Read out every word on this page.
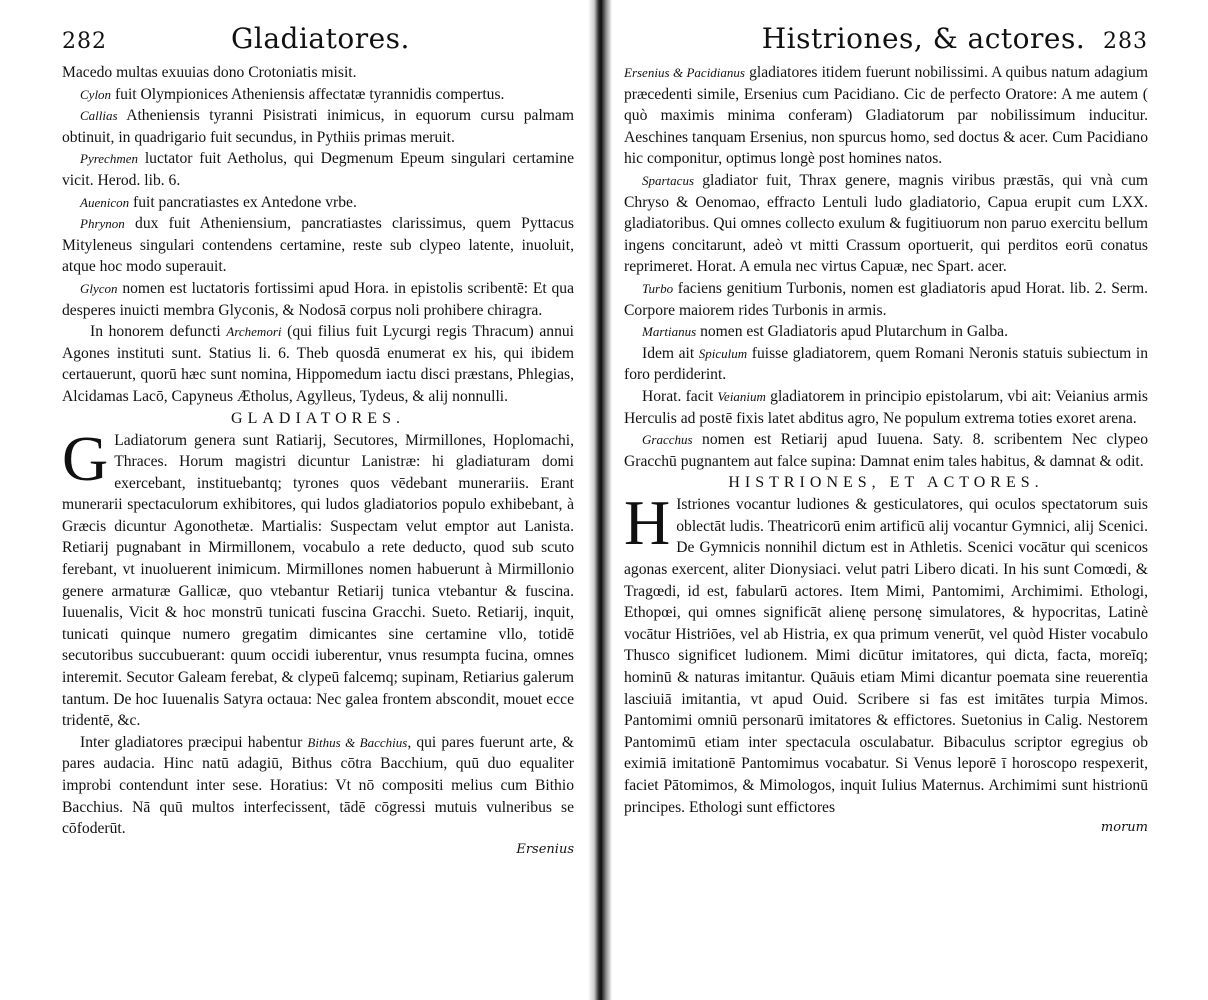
282	Gladiatores.

Macedo multas exuuias dono Crotoniatis misit.

Cylon fuit Olympionices Atheniensis affectatæ tyrannidis compertus.

Callias Atheniensis tyranni Pisistrati inimicus, in equorum cursu palmam obtinuit, in quadrigario fuit secundus, in Pythiis primas meruit.

Pyrechmen luctator fuit Aetholus, qui Degmenum Epeum singulari certamine vicit. Herod. lib. 6.

Auenicon fuit pancratiastes ex Antedone vrbe.

Phrynon dux fuit Atheniensium, pancratiastes clarissimus, quem Pyttacus Mityleneus singulari contendens certamine, reste sub clypeo latente, inuoluit, atque hoc modo superauit.

Glycon nomen est luctatoris fortissimi apud Hora. in epistolis scribentē: Et qua desperes inuicti membra Glyconis, & Nodosā corpus noli prohibere chiragra.

In honorem defuncti Archemori (qui filius fuit Lycurgi regis Thracum) annui Agones instituti sunt. Statius li. 6. Theb quosdā enumerat ex his, qui ibidem certauerunt, quorū hæc sunt nomina, Hippomedum iactu disci præstans, Phlegias, Alcidamas Lacō, Capyneus Ætholus, Agylleus, Tydeus, & alij nonnulli.

GLADIATORES.

G Ladiatorum genera sunt Ratiarij, Secutores, Mirmillones, Hoplomachi, Thraces. Horum magistri dicuntur Lanistræ: hi gladiaturam domi exercebant, instituebantq; tyrones quos vēdebant munerariis. Erant munerarii spectaculorum exhibitores, qui ludos gladiatorios populo exhibebant, à Græcis dicuntur Agonothetæ. Martialis: Suspectam velut emptor aut Lanista. Retiarij pugnabant in Mirmillonem, vocabulo a rete deducto, quod sub scuto ferebant, vt inuoluerent inimicum. Mirmillones nomen habuerunt à Mirmillonio genere armaturæ Gallicæ, quo vtebantur Retiarij tunica vtebantur & fuscina. Iuuenalis, Vicit & hoc monstrū tunicati fuscina Gracchi. Sueto. Retiarij, inquit, tunicati quinque numero gregatim dimicantes sine certamine vllo, totidē secutoribus succubuerant: quum occidi iuberentur, vnus resumpta fucina, omnes interemit. Secutor Galeam ferebat, & clypeū falcemq; supinam, Retiarius galerum tantum. De hoc Iuuenalis Satyra octaua: Nec galea frontem abscondit, mouet ecce tridentē, &c.

Inter gladiatores præcipui habentur Bithus & Bacchius, qui pares fuerunt arte, & pares audacia. Hinc natū adagiū, Bithus cōtra Bacchium, quū duo equaliter improbi contendunt inter sese. Horatius: Vt nō compositi melius cum Bithio Bacchius. Nā quū multos interfecissent, tādē cōgressi mutuis vulneribus se cōfoderūt.

Ersenius
Histriones, & actores. 283

Ersenius & Pacidianus gladiatores itidem fuerunt nobilissimi. A quibus natum adagium præcedenti simile, Ersenius cum Pacidiano. Cic de perfecto Oratore: A me autem ( quò maximis minima conferam) Gladiatorum par nobilissimum inducitur. Aeschines tanquam Ersenius, non spurcus homo, sed doctus & acer. Cum Pacidiano hic componitur, optimus longè post homines natos.

Spartacus gladiator fuit, Thrax genere, magnis viribus præstās, qui vnà cum Chryso & Oenomao, effracto Lentuli ludo gladiatorio, Capua erupit cum LXX. gladiatoribus. Qui omnes collecto exulum & fugitiuorum non paruo exercitu bellum ingens concitarunt, adeò vt mitti Crassum oportuerit, qui perditos eorū conatus reprimeret. Horat. A emula nec virtus Capuæ, nec Spart. acer.

Turbo faciens genitium Turbonis, nomen est gladiatoris apud Horat. lib. 2. Serm. Corpore maiorem rides Turbonis in armis.

Martianus nomen est Gladiatoris apud Plutarchum in Galba.

Idem ait Spiculum fuisse gladiatorem, quem Romani Neronis statuis subiectum in foro perdiderint.

Horat. facit Veianium gladiatorem in principio epistolarum, vbi ait: Veianius armis Herculis ad postē fixis latet abditus agro, Ne populum extrema toties exoret arena.

Gracchus nomen est Retiarij apud Iuuena. Saty. 8. scribentem Nec clypeo Gracchū pugnantem aut falce supina: Damnat enim tales habitus, & damnat & odit.

HISTRIONES, ET ACTORES.

H Istriones vocantur ludiones & gesticulatores, qui oculos spectatorum suis oblectāt ludis. Theatricorū enim artificū alij vocantur Gymnici, alij Scenici. De Gymnicis nonnihil dictum est in Athletis. Scenici vocātur qui scenicos agonas exercent, aliter Dionysiaci. velut patri Libero dicati. In his sunt Comœdi, & Tragœdi, id est, fabularū actores. Item Mimi, Pantomimi, Archimimi. Ethologi, Ethopœi, qui omnes significāt alienę personę simulatores, & hypocritas, Latinè vocātur Histriōes, vel ab Histria, ex qua primum venerūt, vel quòd Hister vocabulo Thusco significet ludionem. Mimi dicūtur imitatores, qui dicta, facta, moreīq; hominū & naturas imitantur. Quāuis etiam Mimi dicantur poemata sine reuerentia lasciuiā imitantia, vt apud Ouid. Scribere si fas est imitātes turpia Mimos. Pantomimi omniū personarū imitatores & effictores. Suetonius in Calig. Nestorem Pantomimū etiam inter spectacula osculabatur. Bibaculus scriptor egregius ob eximiā imitationē Pantomimus vocabatur. Si Venus leporē ī horoscopo respexerit, faciet Pātomimos, & Mimologos, inquit Iulius Maternus. Archimimi sunt histrionū principes. Ethologi sunt effictores

morum
